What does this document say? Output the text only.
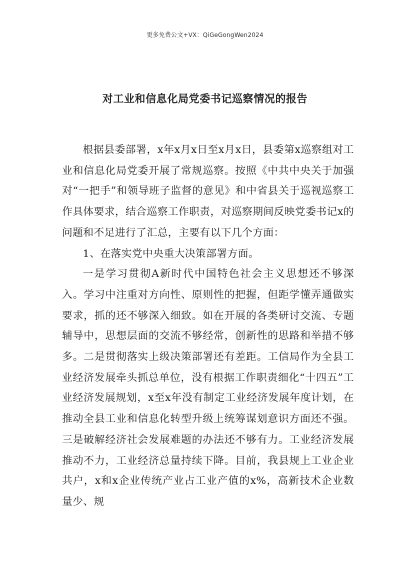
更多免费公文+VX：QiGeGongWen2024
对工业和信息化局党委书记巡察情况的报告

根据县委部署，x年x月x日至x月x日，县委第x巡察组对工业和信息化局党委开展了常规巡察。按照《中共中央关于加强对“一把手”和领导班子监督的意见》和中省县关于巡视巡察工作具体要求，结合巡察工作职责，对巡察期间反映党委书记x的问题和不足进行了汇总，主要有以下几个方面：

1、在落实党中央重大决策部署方面。

一是学习贯彻A新时代中国特色社会主义思想还不够深入。学习中注重对方向性、原则性的把握，但距学懂弄通做实要求，抓的还不够深入细致。如在开展的各类研讨交流、专题辅导中，思想层面的交流不够经常，创新性的思路和举措不够多。二是贯彻落实上级决策部署还有差距。工信局作为全县工业经济发展牵头抓总单位，没有根据工作职责细化“十四五”工业经济发展规划，x至x年没有制定工业经济发展年度计划，在推动全县工业和信息化转型升级上统筹谋划意识方面还不强。三是破解经济社会发展难题的办法还不够有力。工业经济发展推动不力，工业经济总量持续下降。目前，我县规上工业企业共户，x和x企业传统产业占工业产值的x%，高新技术企业数量少、规
